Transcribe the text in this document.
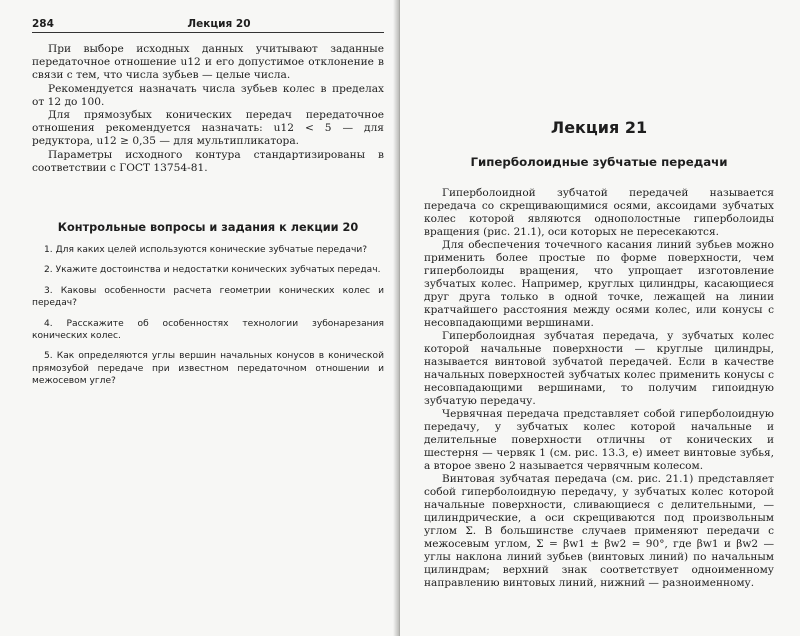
284	Лекция 20

При выборе исходных данных учитывают заданные передаточное отношение u12 и его допустимое отклонение в связи с тем, что числа зубьев — целые числа.

Рекомендуется назначать числа зубьев колес в пределах от 12 до 100.

Для прямозубых конических передач передаточное отношения рекомендуется назначать: u12 < 5 — для редуктора, u12 ≥ 0,35 — для мультипликатора.

Параметры исходного контура стандартизированы в соответствии с ГОСТ 13754-81.

Контрольные вопросы и задания к лекции 20
1. Для каких целей используются конические зубчатые передачи?
2. Укажите достоинства и недостатки конических зубчатых передач.
3. Каковы особенности расчета геометрии конических колес и передач?
4. Расскажите об особенностях технологии зубонарезания конических колес.
5. Как определяются углы вершин начальных конусов в конической прямозубой передаче при известном передаточном отношении и межосевом угле?
Лекция 21
Гиперболоидные зубчатые передачи

Гиперболоидной зубчатой передачей называется передача со скрещивающимися осями, аксоидами зубчатых колес которой являются однополостные гиперболоиды вращения (рис. 21.1), оси которых не пересекаются.

Для обеспечения точечного касания линий зубьев можно применить более простые по форме поверхности, чем гиперболоиды вращения, что упрощает изготовление зубчатых колес. Например, круглых цилиндры, касающиеся друг друга только в одной точке, лежащей на линии кратчайшего расстояния между осями колес, или конусы с несовпадающими вершинами.

Гиперболоидная зубчатая передача, у зубчатых колес которой начальные поверхности — круглые цилиндры, называется винтовой зубчатой передачей. Если в качестве начальных поверхностей зубчатых колес применить конусы с несовпадающими вершинами, то получим гипоидную зубчатую передачу.

Червячная передача представляет собой гиперболоидную передачу, у зубчатых колес которой начальные и делительные поверхности отличны от конических и шестерня — червяк 1 (см. рис. 13.3, е) имеет винтовые зубья, а второе звено 2 называется червячным колесом.

Винтовая зубчатая передача (см. рис. 21.1) представляет собой гиперболоидную передачу, у зубчатых колес которой начальные поверхности, сливающиеся с делительными, — цилиндрические, а оси скрещиваются под произвольным углом Σ. В большинстве случаев применяют передачи с межосевым углом, Σ = βw1 ± βw2 = 90°, где βw1 и βw2 — углы наклона линий зубьев (винтовых линий) по начальным цилиндрам; верхний знак соответствует одноименному направлению винтовых линий, нижний — разноименному.
